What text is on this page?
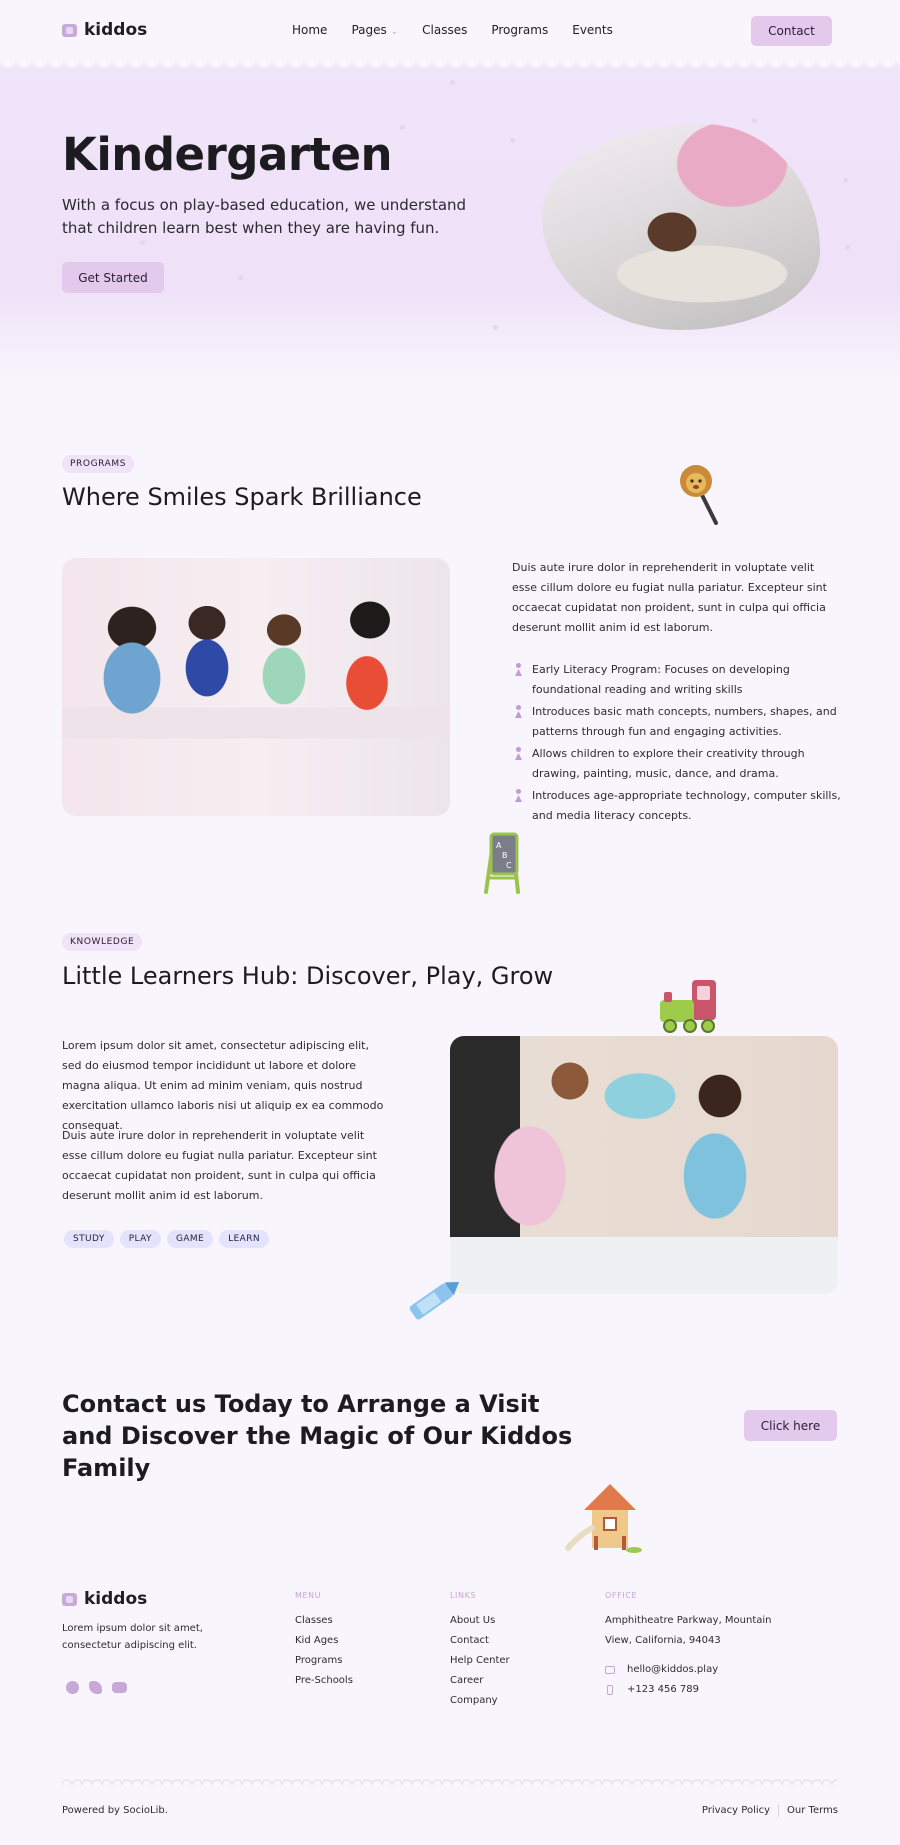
kiddos	Home Pages ⌄ Classes Programs Events	Contact
Kindergarten

With a focus on play-based education, we understand that children learn best when they are having fun.

Get Started
PROGRAMS
Where Smiles Spark Brilliance

Duis aute irure dolor in reprehenderit in voluptate velit esse cillum dolore eu fugiat nulla pariatur. Excepteur sint occaecat cupidatat non proident, sunt in culpa qui officia deserunt mollit anim id est laborum.

Early Literacy Program: Focuses on developing foundational reading and writing skills
Introduces basic math concepts, numbers, shapes, and patterns through fun and engaging activities.
Allows children to explore their creativity through drawing, painting, music, dance, and drama.
Introduces age-appropriate technology, computer skills, and media literacy concepts.
A
B
C
KNOWLEDGE
Little Learners Hub: Discover, Play, Grow

Lorem ipsum dolor sit amet, consectetur adipiscing elit, sed do eiusmod tempor incididunt ut labore et dolore magna aliqua. Ut enim ad minim veniam, quis nostrud exercitation ullamco laboris nisi ut aliquip ex ea commodo consequat.

Duis aute irure dolor in reprehenderit in voluptate velit esse cillum dolore eu fugiat nulla pariatur. Excepteur sint occaecat cupidatat non proident, sunt in culpa qui officia deserunt mollit anim id est laborum.

STUDY	PLAY	GAME	LEARN
Contact us Today to Arrange a Visit and Discover the Magic of Our Kiddos Family
Click here
kiddos

Lorem ipsum dolor sit amet, consectetur adipiscing elit.

MENU
Classes
Kid Ages
Programs
Pre-Schools
LINKS
About Us
Contact
Help Center
Career
Company
OFFICE

Amphitheatre Parkway, Mountain View, California, 94043

hello@kiddos.play
+123 456 789
Powered by SocioLib.	Privacy Policy Our Terms
